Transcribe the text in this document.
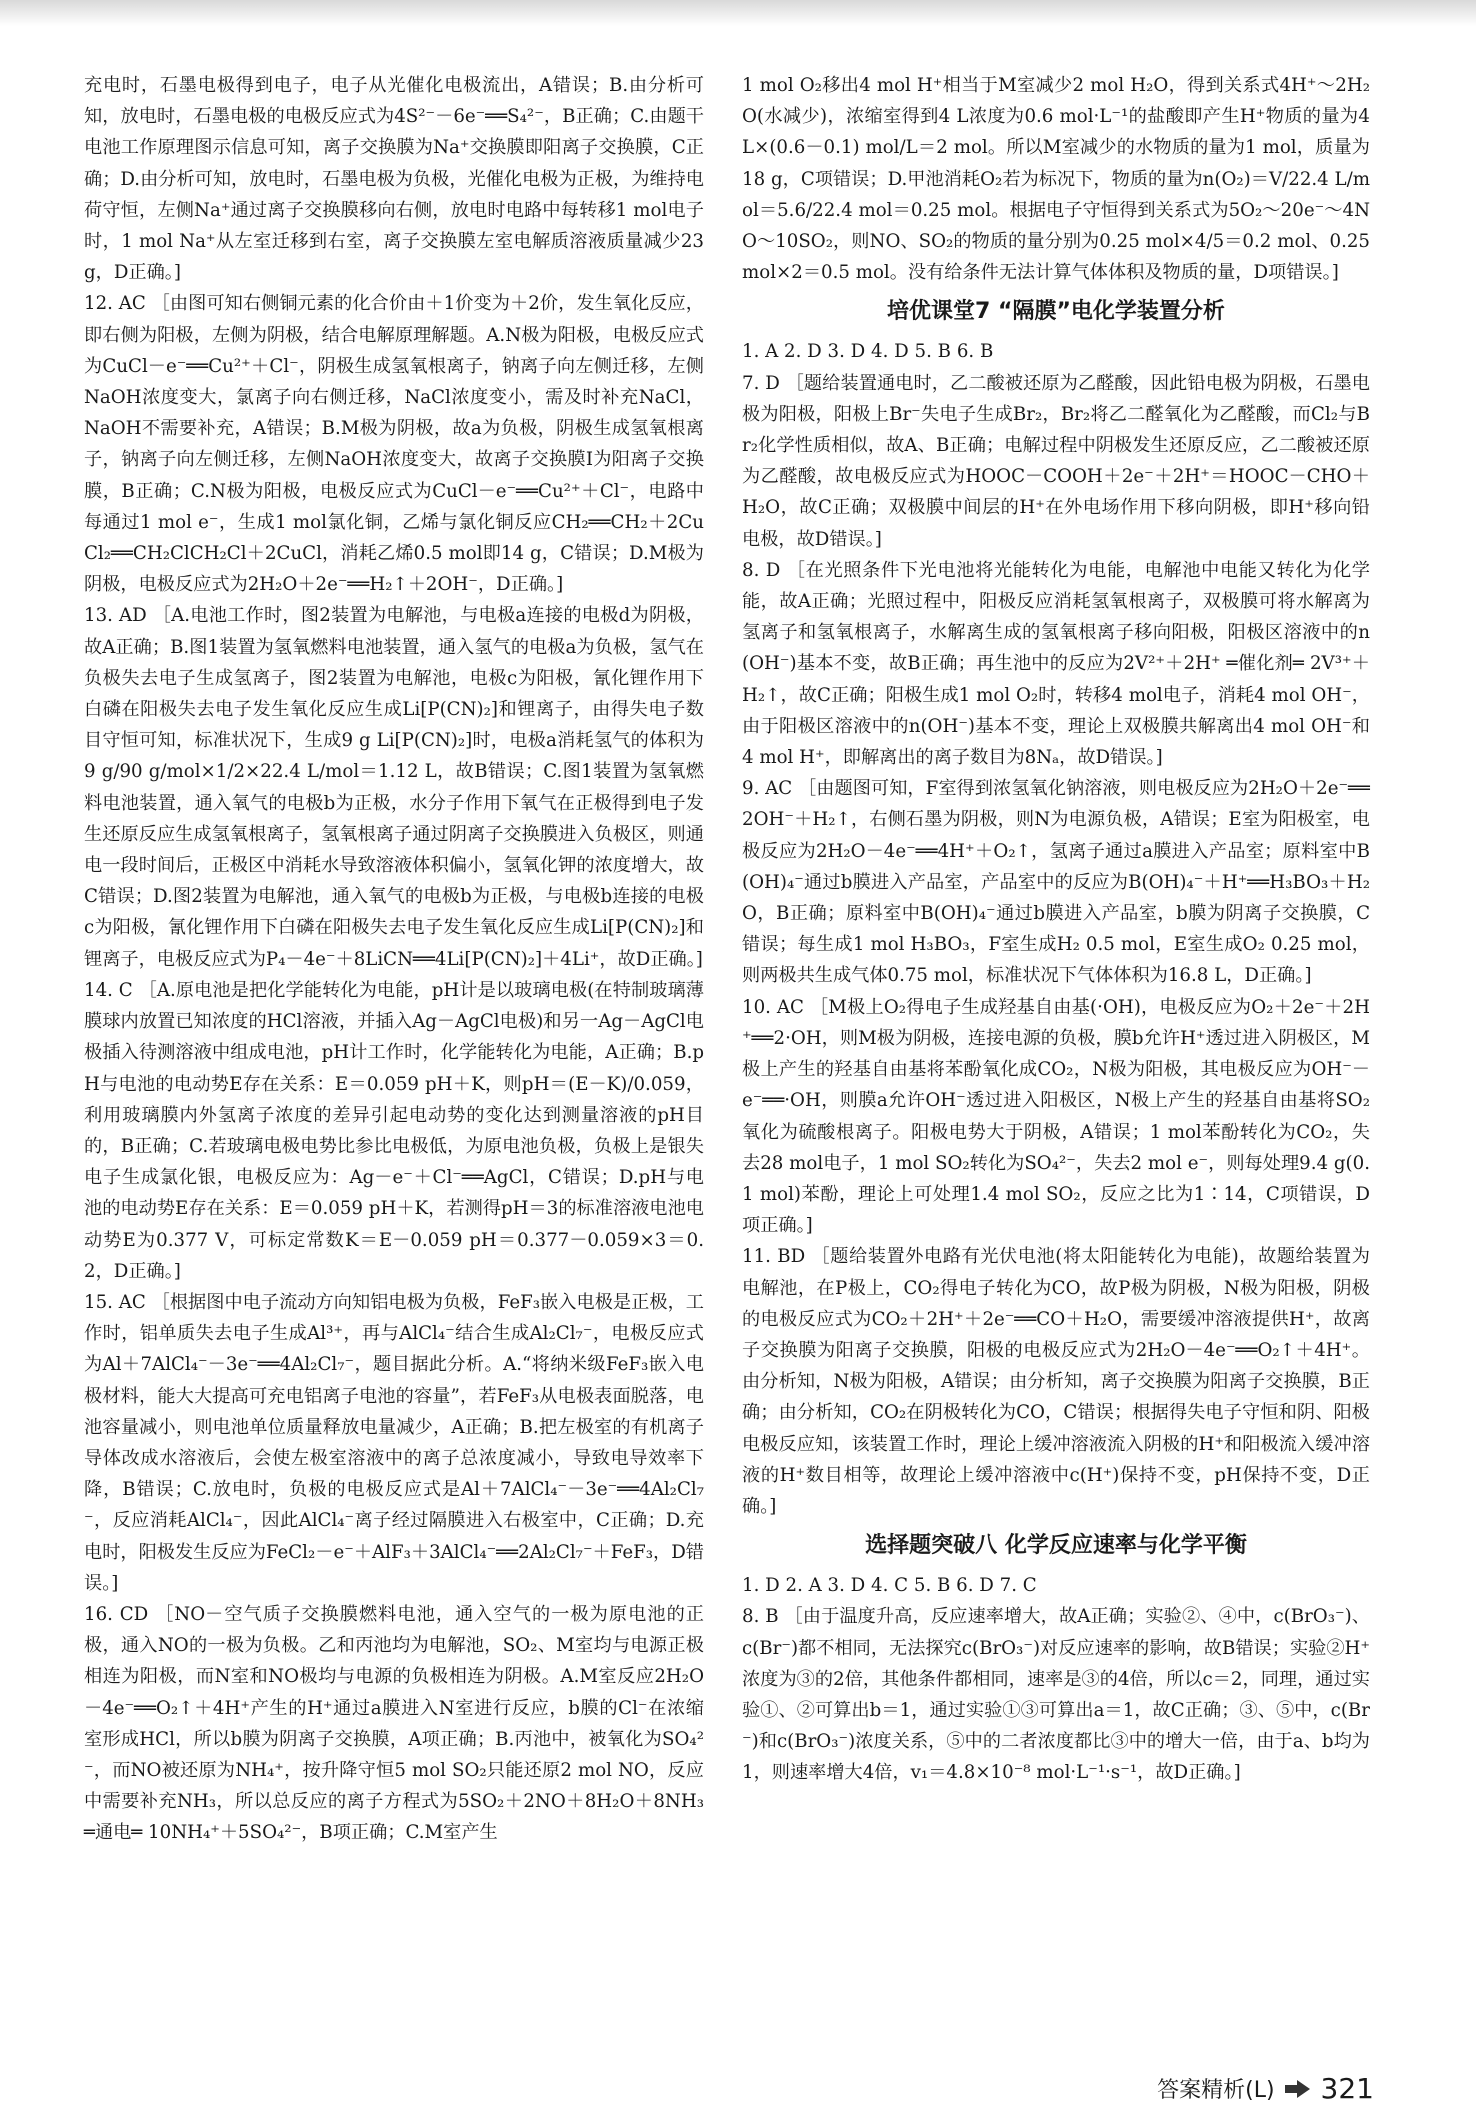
充电时，石墨电极得到电子，电子从光催化电极流出，A错误；B.由分析可知，放电时，石墨电极的电极反应式为4S²⁻－6e⁻══S₄²⁻，B正确；C.由题干电池工作原理图示信息可知，离子交换膜为Na⁺交换膜即阳离子交换膜，C正确；D.由分析可知，放电时，石墨电极为负极，光催化电极为正极，为维持电荷守恒，左侧Na⁺通过离子交换膜移向右侧，放电时电路中每转移1 mol电子时，1 mol Na⁺从左室迁移到右室，离子交换膜左室电解质溶液质量减少23 g，D正确。]

12. AC ［由图可知右侧铜元素的化合价由＋1价变为＋2价，发生氧化反应，即右侧为阳极，左侧为阴极，结合电解原理解题。A.N极为阳极，电极反应式为CuCl－e⁻══Cu²⁺＋Cl⁻，阴极生成氢氧根离子，钠离子向左侧迁移，左侧NaOH浓度变大，氯离子向右侧迁移，NaCl浓度变小，需及时补充NaCl，NaOH不需要补充，A错误；B.M极为阴极，故a为负极，阴极生成氢氧根离子，钠离子向左侧迁移，左侧NaOH浓度变大，故离子交换膜Ⅰ为阳离子交换膜，B正确；C.N极为阳极，电极反应式为CuCl－e⁻══Cu²⁺＋Cl⁻，电路中每通过1 mol e⁻，生成1 mol氯化铜，乙烯与氯化铜反应CH₂══CH₂＋2CuCl₂══CH₂ClCH₂Cl＋2CuCl，消耗乙烯0.5 mol即14 g，C错误；D.M极为阴极，电极反应式为2H₂O＋2e⁻══H₂↑＋2OH⁻，D正确。]

13. AD ［A.电池工作时，图2装置为电解池，与电极a连接的电极d为阴极，故A正确；B.图1装置为氢氧燃料电池装置，通入氢气的电极a为负极，氢气在负极失去电子生成氢离子，图2装置为电解池，电极c为阳极，氰化锂作用下白磷在阳极失去电子发生氧化反应生成Li[P(CN)₂]和锂离子，由得失电子数目守恒可知，标准状况下，生成9 g Li[P(CN)₂]时，电极a消耗氢气的体积为9 g/90 g/mol×1/2×22.4 L/mol＝1.12 L，故B错误；C.图1装置为氢氧燃料电池装置，通入氧气的电极b为正极，水分子作用下氧气在正极得到电子发生还原反应生成氢氧根离子，氢氧根离子通过阴离子交换膜进入负极区，则通电一段时间后，正极区中消耗水导致溶液体积偏小，氢氧化钾的浓度增大，故C错误；D.图2装置为电解池，通入氧气的电极b为正极，与电极b连接的电极c为阳极，氰化锂作用下白磷在阳极失去电子发生氧化反应生成Li[P(CN)₂]和锂离子，电极反应式为P₄－4e⁻＋8LiCN══4Li[P(CN)₂]＋4Li⁺，故D正确。]

14. C ［A.原电池是把化学能转化为电能，pH计是以玻璃电极(在特制玻璃薄膜球内放置已知浓度的HCl溶液，并插入Ag－AgCl电极)和另一Ag－AgCl电极插入待测溶液中组成电池，pH计工作时，化学能转化为电能，A正确；B.pH与电池的电动势E存在关系：E＝0.059 pH＋K，则pH＝(E－K)/0.059，利用玻璃膜内外氢离子浓度的差异引起电动势的变化达到测量溶液的pH目的，B正确；C.若玻璃电极电势比参比电极低，为原电池负极，负极上是银失电子生成氯化银，电极反应为：Ag－e⁻＋Cl⁻══AgCl，C错误；D.pH与电池的电动势E存在关系：E＝0.059 pH＋K，若测得pH＝3的标准溶液电池电动势E为0.377 V，可标定常数K＝E－0.059 pH＝0.377－0.059×3＝0.2，D正确。]

15. AC ［根据图中电子流动方向知铝电极为负极，FeF₃嵌入电极是正极，工作时，铝单质失去电子生成Al³⁺，再与AlCl₄⁻结合生成Al₂Cl₇⁻，电极反应式为Al＋7AlCl₄⁻－3e⁻══4Al₂Cl₇⁻，题目据此分析。A.“将纳米级FeF₃嵌入电极材料，能大大提高可充电铝离子电池的容量”，若FeF₃从电极表面脱落，电池容量减小，则电池单位质量释放电量减少，A正确；B.把左极室的有机离子导体改成水溶液后，会使左极室溶液中的离子总浓度减小，导致电导效率下降，B错误；C.放电时，负极的电极反应式是Al＋7AlCl₄⁻－3e⁻══4Al₂Cl₇⁻，反应消耗AlCl₄⁻，因此AlCl₄⁻离子经过隔膜进入右极室中，C正确；D.充电时，阳极发生反应为FeCl₂－e⁻＋AlF₃＋3AlCl₄⁻══2Al₂Cl₇⁻＋FeF₃，D错误。]

16. CD ［NO－空气质子交换膜燃料电池，通入空气的一极为原电池的正极，通入NO的一极为负极。乙和丙池均为电解池，SO₂、M室均与电源正极相连为阳极，而N室和NO极均与电源的负极相连为阴极。A.M室反应2H₂O－4e⁻══O₂↑＋4H⁺产生的H⁺通过a膜进入N室进行反应，b膜的Cl⁻在浓缩室形成HCl，所以b膜为阴离子交换膜，A项正确；B.丙池中，被氧化为SO₄²⁻，而NO被还原为NH₄⁺，按升降守恒5 mol SO₂只能还原2 mol NO，反应中需要补充NH₃，所以总反应的离子方程式为5SO₂＋2NO＋8H₂O＋8NH₃ ═通电═ 10NH₄⁺＋5SO₄²⁻，B项正确；C.M室产生

1 mol O₂移出4 mol H⁺相当于M室减少2 mol H₂O，得到关系式4H⁺～2H₂O(水减少)，浓缩室得到4 L浓度为0.6 mol·L⁻¹的盐酸即产生H⁺物质的量为4 L×(0.6－0.1) mol/L＝2 mol。所以M室减少的水物质的量为1 mol，质量为18 g，C项错误；D.甲池消耗O₂若为标况下，物质的量为n(O₂)＝V/22.4 L/mol＝5.6/22.4 mol＝0.25 mol。根据电子守恒得到关系式为5O₂～20e⁻～4NO～10SO₂，则NO、SO₂的物质的量分别为0.25 mol×4/5＝0.2 mol、0.25 mol×2＝0.5 mol。没有给条件无法计算气体体积及物质的量，D项错误。]

培优课堂7 “隔膜”电化学装置分析

1. A 2. D 3. D 4. D 5. B 6. B

7. D ［题给装置通电时，乙二酸被还原为乙醛酸，因此铅电极为阴极，石墨电极为阳极，阳极上Br⁻失电子生成Br₂，Br₂将乙二醛氧化为乙醛酸，而Cl₂与Br₂化学性质相似，故A、B正确；电解过程中阴极发生还原反应，乙二酸被还原为乙醛酸，故电极反应式为HOOC－COOH＋2e⁻＋2H⁺＝HOOC－CHO＋H₂O，故C正确；双极膜中间层的H⁺在外电场作用下移向阴极，即H⁺移向铅电极，故D错误。]

8. D ［在光照条件下光电池将光能转化为电能，电解池中电能又转化为化学能，故A正确；光照过程中，阳极反应消耗氢氧根离子，双极膜可将水解离为氢离子和氢氧根离子，水解离生成的氢氧根离子移向阳极，阳极区溶液中的n(OH⁻)基本不变，故B正确；再生池中的反应为2V²⁺＋2H⁺ ═催化剂═ 2V³⁺＋H₂↑，故C正确；阳极生成1 mol O₂时，转移4 mol电子，消耗4 mol OH⁻，由于阳极区溶液中的n(OH⁻)基本不变，理论上双极膜共解离出4 mol OH⁻和4 mol H⁺，即解离出的离子数目为8Nₐ，故D错误。]

9. AC ［由题图可知，F室得到浓氢氧化钠溶液，则电极反应为2H₂O＋2e⁻══2OH⁻＋H₂↑，右侧石墨为阴极，则N为电源负极，A错误；E室为阳极室，电极反应为2H₂O－4e⁻══4H⁺＋O₂↑，氢离子通过a膜进入产品室；原料室中B(OH)₄⁻通过b膜进入产品室，产品室中的反应为B(OH)₄⁻＋H⁺══H₃BO₃＋H₂O，B正确；原料室中B(OH)₄⁻通过b膜进入产品室，b膜为阴离子交换膜，C错误；每生成1 mol H₃BO₃，F室生成H₂ 0.5 mol，E室生成O₂ 0.25 mol，则两极共生成气体0.75 mol，标准状况下气体体积为16.8 L，D正确。]

10. AC ［M极上O₂得电子生成羟基自由基(·OH)，电极反应为O₂＋2e⁻＋2H⁺══2·OH，则M极为阴极，连接电源的负极，膜b允许H⁺透过进入阴极区，M极上产生的羟基自由基将苯酚氧化成CO₂，N极为阳极，其电极反应为OH⁻－e⁻══·OH，则膜a允许OH⁻透过进入阳极区，N极上产生的羟基自由基将SO₂氧化为硫酸根离子。阳极电势大于阴极，A错误；1 mol苯酚转化为CO₂，失去28 mol电子，1 mol SO₂转化为SO₄²⁻，失去2 mol e⁻，则每处理9.4 g(0.1 mol)苯酚，理论上可处理1.4 mol SO₂，反应之比为1∶14，C项错误，D项正确。]

11. BD ［题给装置外电路有光伏电池(将太阳能转化为电能)，故题给装置为电解池，在P极上，CO₂得电子转化为CO，故P极为阴极，N极为阳极，阴极的电极反应式为CO₂＋2H⁺＋2e⁻══CO＋H₂O，需要缓冲溶液提供H⁺，故离子交换膜为阳离子交换膜，阳极的电极反应式为2H₂O－4e⁻══O₂↑＋4H⁺。由分析知，N极为阳极，A错误；由分析知，离子交换膜为阳离子交换膜，B正确；由分析知，CO₂在阴极转化为CO，C错误；根据得失电子守恒和阴、阳极电极反应知，该装置工作时，理论上缓冲溶液流入阴极的H⁺和阳极流入缓冲溶液的H⁺数目相等，故理论上缓冲溶液中c(H⁺)保持不变，pH保持不变，D正确。]

选择题突破八 化学反应速率与化学平衡

1. D 2. A 3. D 4. C 5. B 6. D 7. C

8. B ［由于温度升高，反应速率增大，故A正确；实验②、④中，c(BrO₃⁻)、c(Br⁻)都不相同，无法探究c(BrO₃⁻)对反应速率的影响，故B错误；实验②H⁺浓度为③的2倍，其他条件都相同，速率是③的4倍，所以c＝2，同理，通过实验①、②可算出b＝1，通过实验①③可算出a＝1，故C正确；③、⑤中，c(Br⁻)和c(BrO₃⁻)浓度关系，⑤中的二者浓度都比③中的增大一倍，由于a、b均为1，则速率增大4倍，v₁＝4.8×10⁻⁸ mol·L⁻¹·s⁻¹，故D正确。]

答案精析(L) 321
